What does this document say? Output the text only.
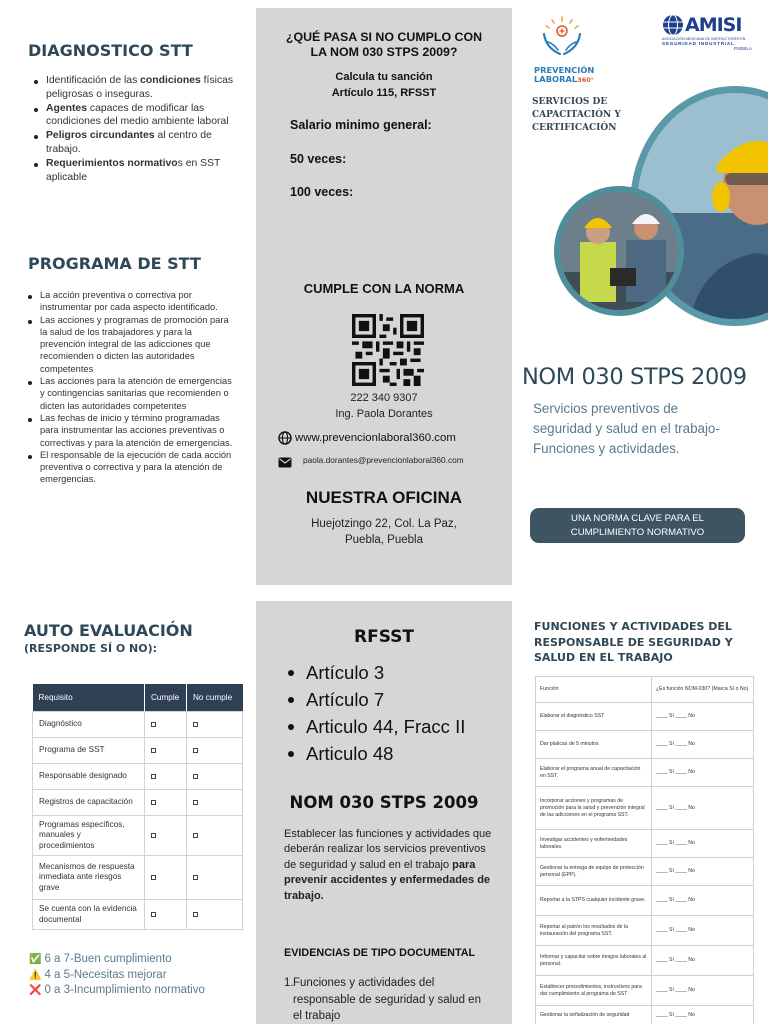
DIAGNOSTICO STT
Identificación de las condiciones físicas peligrosas o inseguras.
Agentes capaces de modificar las condiciones del medio ambiente laboral
Peligros circundantes al centro de trabajo.
Requerimientos normativos en SST aplicable
PROGRAMA DE STT
La acción preventiva o correctiva por instrumentar por cada aspecto identificado.
Las acciones y programas de promoción para la salud de los trabajadores y para la prevención integral de las adicciones que recomienden o dicten las autoridades competentes
Las acciones para la atención de emergencias y contingencias sanitarias que recomienden o dicten las autoridades competentes
Las fechas de inicio y término programadas para instrumentar las acciones preventivas o correctivas y para la atención de emergencias.
El responsable de la ejecución de cada acción preventiva o correctiva y para la atención de emergencias.
¿QUÉ PASA SI NO CUMPLO CON LA NOM 030 STPS 2009?
Calcula tu sanción
Artículo 115, RFSST
Salario minimo general:
50 veces:
100 veces:
CUMPLE CON LA NORMA
222 340 9307
Ing. Paola Dorantes
www.prevencionlaboral360.com
paola.dorantes@prevencionlaboral360.com
NUESTRA OFICINA
Huejotzingo 22, Col. La Paz,
Puebla, Puebla
PREVENCIÓN
LABORAL360°
AMISI
ASOCIACIÓN MEXICANA DE INSTRUCTORES EN
SEGURIDAD INDUSTRIAL
PUEBLA
SERVICIOS DE CAPACITACIÓN Y CERTIFICACIÓN
NOM 030 STPS 2009
Servicios preventivos de seguridad y salud en el trabajo-Funciones y actividades.
UNA NORMA CLAVE PARA EL CUMPLIMIENTO NORMATIVO
AUTO EVALUACIÓN
(RESPONDE SÍ O NO):
Requisito	Cumple	No cumple
Diagnóstico		
Programa de SST		
Responsable designado		
Registros de capacitación		
Programas específicos, manuales y procedimientos		
Mecanismos de respuesta inmediata ante riesgos grave		
Se cuenta con la evidencia documental		
✅ 6 a 7-Buen cumplimiento
⚠️ 4 a 5-Necesitas mejorar
❌ 0 a 3-Incumplimiento normativo
RFSST
Artículo 3
Artículo 7
Articulo 44, Fracc II
Articulo 48
NOM 030 STPS 2009
Establecer las funciones y actividades que deberán realizar los servicios preventivos de seguridad y salud en el trabajo para prevenir accidentes y enfermedades de trabajo.
EVIDENCIAS DE TIPO DOCUMENTAL
1. Funciones y actividades del responsable de seguridad y salud en el trabajo
FUNCIONES Y ACTIVIDADES DEL RESPONSABLE DE SEGURIDAD Y SALUD EN EL TRABAJO
Función	¿Es función NOM-030? (Marca Sí o No)
Elaborar el diagnóstico SST	____ Sí ____ No
Dar platicas de 5 minutos	____ Sí ____ No
Elaborar el programa anual de capacitación en SST.	____ Sí ____ No
Incorporar acciones y programas de promoción para la salud y prevención integral de las adicciones en el programa SST.	____ Sí ____ No
Investigar accidentes y enfermedades laborales.	____ Sí ____ No
Gestionar la entrega de equipo de protección personal (EPP).	____ Sí ____ No
Reportar a la STPS cualquier incidente grave.	____ Sí ____ No
Reportar al patrón los resultados de la instauración del programa SST.	____ Sí ____ No
Informar y capacitar sobre riesgos laborales al personal.	____ Sí ____ No
Establecer procedimientos, instructivos para dar cumplimiento al programa de SST	____ Sí ____ No
Gestionar la señalización de seguridad	____ Sí ____ No
